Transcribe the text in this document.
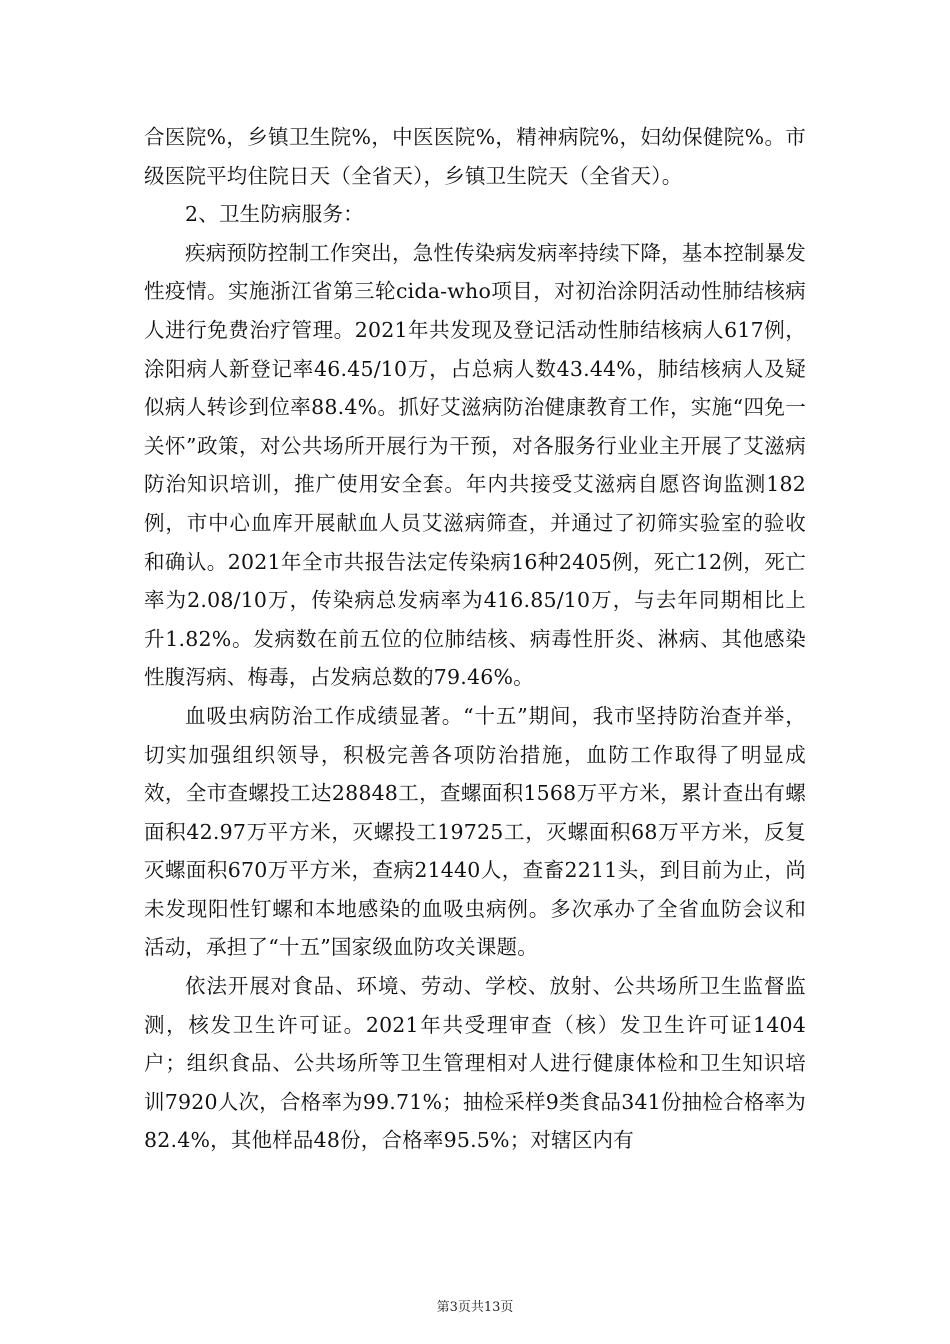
合医院%，乡镇卫生院%，中医医院%，精神病院%，妇幼保健院%。市级医院平均住院日天（全省天），乡镇卫生院天（全省天）。

2、卫生防病服务：

疾病预防控制工作突出，急性传染病发病率持续下降，基本控制暴发性疫情。实施浙江省第三轮cida-who项目，对初治涂阴活动性肺结核病人进行免费治疗管理。2021年共发现及登记活动性肺结核病人617例，涂阳病人新登记率46.45/10万，占总病人数43.44%，肺结核病人及疑似病人转诊到位率88.4%。抓好艾滋病防治健康教育工作，实施“四免一关怀”政策，对公共场所开展行为干预，对各服务行业业主开展了艾滋病防治知识培训，推广使用安全套。年内共接受艾滋病自愿咨询监测182例，市中心血库开展献血人员艾滋病筛查，并通过了初筛实验室的验收和确认。2021年全市共报告法定传染病16种2405例，死亡12例，死亡率为2.08/10万，传染病总发病率为416.85/10万，与去年同期相比上升1.82%。发病数在前五位的位肺结核、病毒性肝炎、淋病、其他感染性腹泻病、梅毒，占发病总数的79.46%。

血吸虫病防治工作成绩显著。“十五”期间，我市坚持防治查并举，切实加强组织领导，积极完善各项防治措施，血防工作取得了明显成效，全市查螺投工达28848工，查螺面积1568万平方米，累计查出有螺面积42.97万平方米，灭螺投工19725工，灭螺面积68万平方米，反复灭螺面积670万平方米，查病21440人，查畜2211头，到目前为止，尚未发现阳性钉螺和本地感染的血吸虫病例。多次承办了全省血防会议和活动，承担了“十五”国家级血防攻关课题。

依法开展对食品、环境、劳动、学校、放射、公共场所卫生监督监测，核发卫生许可证。2021年共受理审查（核）发卫生许可证1404户；组织食品、公共场所等卫生管理相对人进行健康体检和卫生知识培训7920人次，合格率为99.71%；抽检采样9类食品341份抽检合格率为82.4%，其他样品48份，合格率95.5%；对辖区内有

第3页共13页
